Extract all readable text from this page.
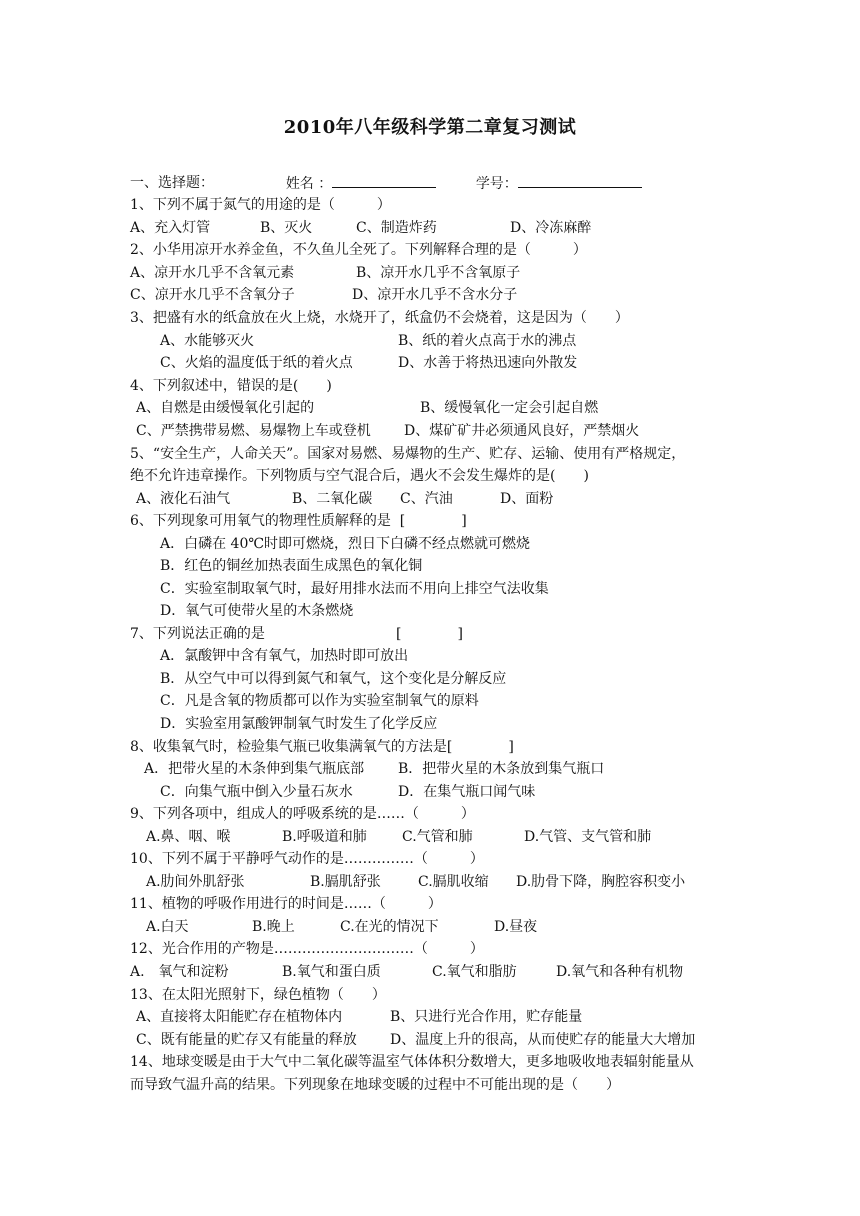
2010年八年级科学第二章复习测试

姓名 ：
	学号：

一、选择题：
1、下列不属于氮气的用途的是（　　　）
A、充入灯管	B、灭火	C、制造炸药	D、冷冻麻醉
2、小华用凉开水养金鱼，不久鱼儿全死了。下列解释合理的是（　　　）
A、凉开水几乎不含氧元素	B、凉开水几乎不含氧原子
C、凉开水几乎不含氧分子	D、凉开水几乎不含水分子
3、把盛有水的纸盒放在火上烧，水烧开了，纸盒仍不会烧着，这是因为（　　）
A、水能够灭火	B、纸的着火点高于水的沸点
C、火焰的温度低于纸的着火点	D、水善于将热迅速向外散发
4、下列叙述中，错误的是(　　)
A、自燃是由缓慢氧化引起的	B、缓慢氧化一定会引起自燃
C、严禁携带易燃、易爆物上车或登机 D、煤矿矿井必须通风良好，严禁烟火
5、“安全生产，人命关天”。国家对易燃、易爆物的生产、贮存、运输、使用有严格规定，
绝不允许违章操作。下列物质与空气混合后，遇火不会发生爆炸的是(　　)
A、液化石油气	B、二氧化碳 C、汽油	D、面粉
6、下列现象可用氧气的物理性质解释的是  [　　　　]
A．白磷在 40℃时即可燃烧，烈日下白磷不经点燃就可燃烧
B．红色的铜丝加热表面生成黑色的氧化铜
C．实验室制取氧气时，最好用排水法而不用向上排空气法收集
D．氧气可使带火星的木条燃烧
7、下列说法正确的是	[　　　　]
A．氯酸钾中含有氧气，加热时即可放出
B．从空气中可以得到氮气和氧气，这个变化是分解反应
C．凡是含氧的物质都可以作为实验室制氧气的原料
D．实验室用氯酸钾制氧气时发生了化学反应
8、收集氧气时，检验集气瓶已收集满氧气的方法是[　　　　]
A．把带火星的木条伸到集气瓶底部 B．把带火星的木条放到集气瓶口
C．向集气瓶中倒入少量石灰水	D．在集气瓶口闻气味
9、下列各项中，组成人的呼吸系统的是……（　　　）
A.鼻、咽、喉	B.呼吸道和肺	C.气管和肺	D.气管、支气管和肺
10、下列不属于平静呼气动作的是……………（　　　）
A.肋间外肌舒张	B.膈肌舒张	C.膈肌收缩 D.肋骨下降，胸腔容积变小
11、植物的呼吸作用进行的时间是……（　　　）
A.白天	B.晚上	C.在光的情况下	D.昼夜
12、光合作用的产物是…………………………（　　　）
A.　氧气和淀粉	B.氧气和蛋白质	C.氧气和脂肪	D.氧气和各种有机物
13、在太阳光照射下，绿色植物（　　）
A、直接将太阳能贮存在植物体内	B、只进行光合作用，贮存能量
C、既有能量的贮存又有能量的释放 D、温度上升的很高，从而使贮存的能量大大增加
14、地球变暖是由于大气中二氧化碳等温室气体体积分数增大，更多地吸收地表辐射能量从
而导致气温升高的结果。下列现象在地球变暖的过程中不可能出现的是（　　）
